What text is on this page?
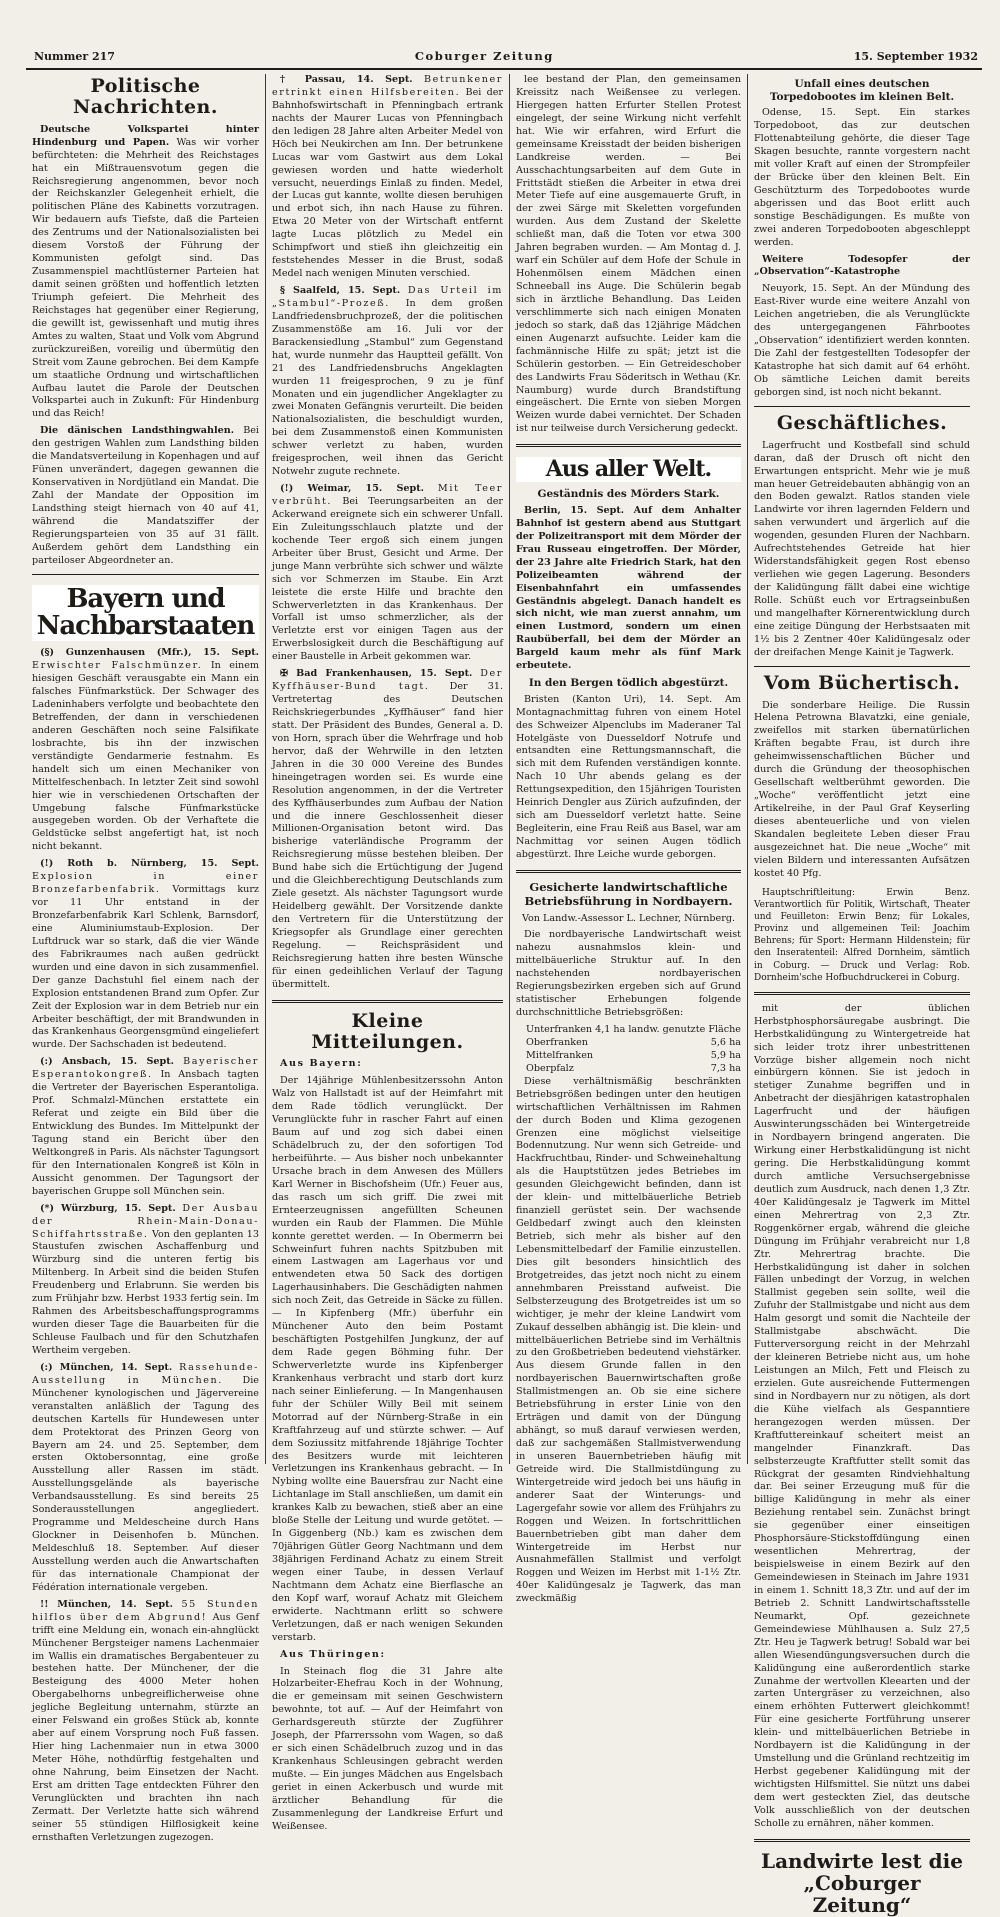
Nummer 217	Coburger Zeitung	15. September 1932
Politische Nachrichten.

Deutsche Volkspartei hinter Hindenburg und Papen. Was wir vorher befürchteten: die Mehrheit des Reichstages hat ein Mißtrauensvotum gegen die Reichsregierung angenommen, bevor noch der Reichskanzler Gelegenheit erhielt, die politischen Pläne des Kabinetts vorzutragen. Wir bedauern aufs Tiefste, daß die Parteien des Zentrums und der Nationalsozialisten bei diesem Vorstoß der Führung der Kommunisten gefolgt sind. Das Zusammenspiel machtlüsterner Parteien hat damit seinen größten und hoffentlich letzten Triumph gefeiert. Die Mehrheit des Reichstages hat gegenüber einer Regierung, die gewillt ist, gewissenhaft und mutig ihres Amtes zu walten, Staat und Volk vom Abgrund zurückzureißen, voreilig und übermütig den Streit vom Zaune gebrochen. Bei dem Kampfe um staatliche Ordnung und wirtschaftlichen Aufbau lautet die Parole der Deutschen Volkspartei auch in Zukunft: Für Hindenburg und das Reich!

Die dänischen Landsthingwahlen. Bei den gestrigen Wahlen zum Landsthing bilden die Mandatsverteilung in Kopenhagen und auf Fünen unverändert, dagegen gewannen die Konservativen in Nordjütland ein Mandat. Die Zahl der Mandate der Opposition im Landsthing steigt hiernach von 40 auf 41, während die Mandatsziffer der Regierungsparteien von 35 auf 31 fällt. Außerdem gehört dem Landsthing ein parteiloser Abgeordneter an.

Bayern und Nachbarstaaten

(§) Gunzenhausen (Mfr.), 15. Sept. Erwischter Falschmünzer. In einem hiesigen Geschäft verausgabte ein Mann ein falsches Fünfmarkstück. Der Schwager des Ladeninhabers verfolgte und beobachtete den Betreffenden, der dann in verschiedenen anderen Geschäften noch seine Falsifikate losbrachte, bis ihn der inzwischen verständigte Gendarmerie festnahm. Es handelt sich um einen Mechaniker von Mittelfeschenbach. In letzter Zeit sind sowohl hier wie in verschiedenen Ortschaften der Umgebung falsche Fünfmarkstücke ausgegeben worden. Ob der Verhaftete die Geldstücke selbst angefertigt hat, ist noch nicht bekannt.

(!) Roth b. Nürnberg, 15. Sept. Explosion in einer Bronzefarbenfabrik. Vormittags kurz vor 11 Uhr entstand in der Bronzefarbenfabrik Karl Schlenk, Barnsdorf, eine Aluminiumstaub-Explosion. Der Luftdruck war so stark, daß die vier Wände des Fabrikraumes nach außen gedrückt wurden und eine davon in sich zusammenfiel. Der ganze Dachstuhl fiel einem nach der Explosion entstandenen Brand zum Opfer. Zur Zeit der Explosion war in dem Betrieb nur ein Arbeiter beschäftigt, der mit Brandwunden in das Krankenhaus Georgensgmünd eingeliefert wurde. Der Sachschaden ist bedeutend.

(:) Ansbach, 15. Sept. Bayerischer Esperantokongreß. In Ansbach tagten die Vertreter der Bayerischen Esperantoliga. Prof. Schmalzl-München erstattete ein Referat und zeigte ein Bild über die Entwicklung des Bundes. Im Mittelpunkt der Tagung stand ein Bericht über den Weltkongreß in Paris. Als nächster Tagungsort für den Internationalen Kongreß ist Köln in Aussicht genommen. Der Tagungsort der bayerischen Gruppe soll München sein.

(*) Würzburg, 15. Sept. Der Ausbau der Rhein-Main-Donau-Schiffahrtsstraße. Von den geplanten 13 Staustufen zwischen Aschaffenburg und Würzburg sind die unteren fertig bis Miltenberg. In Arbeit sind die beiden Stufen Freudenberg und Erlabrunn. Sie werden bis zum Frühjahr bzw. Herbst 1933 fertig sein. Im Rahmen des Arbeitsbeschaffungsprogramms wurden dieser Tage die Bauarbeiten für die Schleuse Faulbach und für den Schutzhafen Wertheim vergeben.

(:) München, 14. Sept. Rassehunde-Ausstellung in München. Die Münchener kynologischen und Jägervereine veranstalten anläßlich der Tagung des deutschen Kartells für Hundewesen unter dem Protektorat des Prinzen Georg von Bayern am 24. und 25. September, dem ersten Oktobersonntag, eine große Ausstellung aller Rassen im städt. Ausstellungsgelände als bayerische Verbandsausstellung. Es sind bereits 25 Sonderausstellungen angegliedert. Programme und Meldescheine durch Hans Glockner in Deisenhofen b. München. Meldeschluß 18. September. Auf dieser Ausstellung werden auch die Anwartschaften für das internationale Championat der Fédération internationale vergeben.

!! München, 14. Sept. 55 Stunden hilflos über dem Abgrund! Aus Genf trifft eine Meldung ein, wonach ein-ahnglückt Münchener Bergsteiger namens Lachenmaier im Wallis ein dramatisches Bergabenteuer zu bestehen hatte. Der Münchener, der die Besteigung des 4000 Meter hohen Obergabelhorns unbegreiflicherweise ohne jegliche Begleitung unternahm, stürzte an einer Felswand ein großes Stück ab, konnte aber auf einem Vorsprung noch Fuß fassen. Hier hing Lachenmaier nun in etwa 3000 Meter Höhe, nothdürftig festgehalten und ohne Nahrung, beim Einsetzen der Nacht. Erst am dritten Tage entdeckten Führer den Verunglückten und brachten ihn nach Zermatt. Der Verletzte hatte sich während seiner 55 stündigen Hilflosigkeit keine ernsthaften Verletzungen zugezogen.

† Passau, 14. Sept. Betrunkener ertrinkt einen Hilfsbereiten. Bei der Bahnhofswirtschaft in Pfenningbach ertrank nachts der Maurer Lucas von Pfenningbach den ledigen 28 Jahre alten Arbeiter Medel von Höch bei Neukirchen am Inn. Der betrunkene Lucas war vom Gastwirt aus dem Lokal gewiesen worden und hatte wiederholt versucht, neuerdings Einlaß zu finden. Medel, der Lucas gut kannte, wollte diesen beruhigen und erbot sich, ihn nach Hause zu führen. Etwa 20 Meter von der Wirtschaft entfernt lagte Lucas plötzlich zu Medel ein Schimpfwort und stieß ihn gleichzeitig ein feststehendes Messer in die Brust, sodaß Medel nach wenigen Minuten verschied.

§ Saalfeld, 15. Sept. Das Urteil im „Stambul“-Prozeß. In dem großen Landfriedensbruchprozeß, der die politischen Zusammenstöße am 16. Juli vor der Barackensiedlung „Stambul“ zum Gegenstand hat, wurde nunmehr das Hauptteil gefällt. Von 21 des Landfriedensbruchs Angeklagten wurden 11 freigesprochen, 9 zu je fünf Monaten und ein jugendlicher Angeklagter zu zwei Monaten Gefängnis verurteilt. Die beiden Nationalsozialisten, die beschuldigt wurden, bei dem Zusammenstoß einen Kommunisten schwer verletzt zu haben, wurden freigesprochen, weil ihnen das Gericht Notwehr zugute rechnete.

(!) Weimar, 15. Sept. Mit Teer verbrüht. Bei Teerungsarbeiten an der Ackerwand ereignete sich ein schwerer Unfall. Ein Zuleitungsschlauch platzte und der kochende Teer ergoß sich einem jungen Arbeiter über Brust, Gesicht und Arme. Der junge Mann verbrühte sich schwer und wälzte sich vor Schmerzen im Staube. Ein Arzt leistete die erste Hilfe und brachte den Schwerverletzten in das Krankenhaus. Der Vorfall ist umso schmerzlicher, als der Verletzte erst vor einigen Tagen aus der Erwerbslosigkeit durch die Beschäftigung auf einer Baustelle in Arbeit gekommen war.

✠ Bad Frankenhausen, 15. Sept. Der Kyffhäuser-Bund tagt. Der 31. Vertretertag des Deutschen Reichskriegerbundes „Kyffhäuser“ fand hier statt. Der Präsident des Bundes, General a. D. von Horn, sprach über die Wehrfrage und hob hervor, daß der Wehrwille in den letzten Jahren in die 30 000 Vereine des Bundes hineingetragen worden sei. Es wurde eine Resolution angenommen, in der die Vertreter des Kyffhäuserbundes zum Aufbau der Nation und die innere Geschlossenheit dieser Millionen-Organisation betont wird. Das bisherige vaterländische Programm der Reichsregierung müsse bestehen bleiben. Der Bund habe sich die Ertüchtigung der Jugend und die Gleichberechtigung Deutschlands zum Ziele gesetzt. Als nächster Tagungsort wurde Heidelberg gewählt. Der Vorsitzende dankte den Vertretern für die Unterstützung der Kriegsopfer als Grundlage einer gerechten Regelung. — Reichspräsident und Reichsregierung hatten ihre besten Wünsche für einen gedeihlichen Verlauf der Tagung übermittelt.

Kleine Mitteilungen.

Aus Bayern:

Der 14jährige Mühlenbesitzerssohn Anton Walz von Hallstadt ist auf der Heimfahrt mit dem Rade tödlich verunglückt. Der Verunglückte fuhr in rascher Fahrt auf einen Baum auf und zog sich dabei einen Schädelbruch zu, der den sofortigen Tod herbeiführte. — Aus bisher noch unbekannter Ursache brach in dem Anwesen des Müllers Karl Werner in Bischofsheim (Ufr.) Feuer aus, das rasch um sich griff. Die zwei mit Ernteerzeugnissen angefüllten Scheunen wurden ein Raub der Flammen. Die Mühle konnte gerettet werden. — In Obermerrn bei Schweinfurt fuhren nachts Spitzbuben mit einem Lastwagen am Lagerhaus vor und entwendeten etwa 50 Sack des dortigen Lagerhausinhabers. Die Geschädigten nahmen sich noch Zeit, das Getreide in Säcke zu füllen. — In Kipfenberg (Mfr.) überfuhr ein Münchener Auto den beim Postamt beschäftigten Postgehilfen Jungkunz, der auf dem Rade gegen Böhming fuhr. Der Schwerverletzte wurde ins Kipfenberger Krankenhaus verbracht und starb dort kurz nach seiner Einlieferung. — In Mangenhausen fuhr der Schüler Willy Beil mit seinem Motorrad auf der Nürnberg-Straße in ein Kraftfahrzeug auf und stürzte schwer. — Auf dem Soziussitz mitfahrende 18jährige Tochter des Besitzers wurde mit leichteren Verletzungen ins Krankenhaus gebracht. — In Nybing wollte eine Bauersfrau zur Nacht eine Lichtanlage im Stall anschließen, um damit ein krankes Kalb zu bewachen, stieß aber an eine bloße Stelle der Leitung und wurde getötet. — In Giggenberg (Nb.) kam es zwischen dem 70jährigen Gütler Georg Nachtmann und dem 38jährigen Ferdinand Achatz zu einem Streit wegen einer Taube, in dessen Verlauf Nachtmann dem Achatz eine Bierflasche an den Kopf warf, worauf Achatz mit Gleichem erwiderte. Nachtmann erlitt so schwere Verletzungen, daß er nach wenigen Sekunden verstarb.

Aus Thüringen:

In Steinach flog die 31 Jahre alte Holzarbeiter-Ehefrau Koch in der Wohnung, die er gemeinsam mit seinen Geschwistern bewohnte, tot auf. — Auf der Heimfahrt von Gerhardsgereuth stürzte der Zugführer Joseph, der Pfarrerssohn vom Wagen, so daß er sich einen Schädelbruch zuzog und in das Krankenhaus Schleusingen gebracht werden mußte. — Ein junges Mädchen aus Engelsbach geriet in einen Ackerbusch und wurde mit ärztlicher Behandlung für die Zusammenlegung der Landkreise Erfurt und Weißensee.

lee bestand der Plan, den gemeinsamen Kreissitz nach Weißensee zu verlegen. Hiergegen hatten Erfurter Stellen Protest eingelegt, der seine Wirkung nicht verfehlt hat. Wie wir erfahren, wird Erfurt die gemeinsame Kreisstadt der beiden bisherigen Landkreise werden. — Bei Ausschachtungsarbeiten auf dem Gute in Frittstädt stießen die Arbeiter in etwa drei Meter Tiefe auf eine ausgemauerte Gruft, in der zwei Särge mit Skeletten vorgefunden wurden. Aus dem Zustand der Skelette schließt man, daß die Toten vor etwa 300 Jahren begraben wurden. — Am Montag d. J. warf ein Schüler auf dem Hofe der Schule in Hohenmölsen einem Mädchen einen Schneeball ins Auge. Die Schülerin begab sich in ärztliche Behandlung. Das Leiden verschlimmerte sich nach einigen Monaten jedoch so stark, daß das 12jährige Mädchen einen Augenarzt aufsuchte. Leider kam die fachmännische Hilfe zu spät; jetzt ist die Schülerin gestorben. — Ein Getreideschober des Landwirts Frau Söderitsch in Wethau (Kr. Naumburg) wurde durch Brandstiftung eingeäschert. Die Ernte von sieben Morgen Weizen wurde dabei vernichtet. Der Schaden ist nur teilweise durch Versicherung gedeckt.

Aus aller Welt.
Geständnis des Mörders Stark.

Berlin, 15. Sept. Auf dem Anhalter Bahnhof ist gestern abend aus Stuttgart der Polizeitransport mit dem Mörder der Frau Russeau eingetroffen. Der Mörder, der 23 Jahre alte Friedrich Stark, hat den Polizeibeamten während der Eisenbahnfahrt ein umfassendes Geständnis abgelegt. Danach handelt es sich nicht, wie man zuerst annahm, um einen Lustmord, sondern um einen Raubüberfall, bei dem der Mörder an Bargeld kaum mehr als fünf Mark erbeutete.

In den Bergen tödlich abgestürzt.

Bristen (Kanton Uri), 14. Sept. Am Montagnachmittag fuhren von einem Hotel des Schweizer Alpenclubs im Maderaner Tal Hotelgäste von Duesseldorf Notrufe und entsandten eine Rettungsmannschaft, die sich mit dem Rufenden verständigen konnte. Nach 10 Uhr abends gelang es der Rettungsexpedition, den 15jährigen Touristen Heinrich Dengler aus Zürich aufzufinden, der sich am Duesseldorf verletzt hatte. Seine Begleiterin, eine Frau Reiß aus Basel, war am Nachmittag vor seinen Augen tödlich abgestürzt. Ihre Leiche wurde geborgen.

Gesicherte landwirtschaftliche Betriebsführung in Nordbayern.

Von Landw.-Assessor L. Lechner, Nürnberg.

Die nordbayerische Landwirtschaft weist nahezu ausnahmslos klein- und mittelbäuerliche Struktur auf. In den nachstehenden nordbayerischen Regierungsbezirken ergeben sich auf Grund statistischer Erhebungen folgende durchschnittliche Betriebsgrößen:

Unterfranken 4,1 ha landw. genutzte Fläche
Oberfranken	5,6 ha
Mittelfranken	5,9 ha
Oberpfalz	7,3 ha

Diese verhältnismäßig beschränkten Betriebsgrößen bedingen unter den heutigen wirtschaftlichen Verhältnissen im Rahmen der durch Boden und Klima gezogenen Grenzen eine möglichst vielseitige Bodennutzung. Nur wenn sich Getreide- und Hackfruchtbau, Rinder- und Schweinehaltung als die Hauptstützen jedes Betriebes im gesunden Gleichgewicht befinden, dann ist der klein- und mittelbäuerliche Betrieb finanziell gerüstet sein. Der wachsende Geldbedarf zwingt auch den kleinsten Betrieb, sich mehr als bisher auf den Lebensmittelbedarf der Familie einzustellen. Dies gilt besonders hinsichtlich des Brotgetreides, das jetzt noch nicht zu einem annehmbaren Preisstand aufweist. Die Selbsterzeugung des Brotgetreides ist um so wichtiger, je mehr der kleine Landwirt vom Zukauf desselben abhängig ist. Die klein- und mittelbäuerlichen Betriebe sind im Verhältnis zu den Großbetrieben bedeutend viehstärker. Aus diesem Grunde fallen in den nordbayerischen Bauernwirtschaften große Stallmistmengen an. Ob sie eine sichere Betriebsführung in erster Linie von den Erträgen und damit von der Düngung abhängt, so muß darauf verwiesen werden, daß zur sachgemäßen Stallmistverwendung in unseren Bauernbetrieben häufig mit Getreide wird. Die Stallmistdüngung zu Wintergetreide wird jedoch bei uns häufig in anderer Saat der Winterungs- und Lagergefahr sowie vor allem des Frühjahrs zu Roggen und Weizen. In fortschrittlichen Bauernbetrieben gibt man daher dem Wintergetreide im Herbst nur Ausnahmefällen Stallmist und verfolgt Roggen und Weizen im Herbst mit 1-1½ Ztr. 40er Kalidüngesalz je Tagwerk, das man zweckmäßig

Unfall eines deutschen Torpedobootes im kleinen Belt.

Odense, 15. Sept. Ein starkes Torpedoboot, das zur deutschen Flottenabteilung gehörte, die dieser Tage Skagen besuchte, rannte vorgestern nacht mit voller Kraft auf einen der Strompfeiler der Brücke über den kleinen Belt. Ein Geschützturm des Torpedobootes wurde abgerissen und das Boot erlitt auch sonstige Beschädigungen. Es mußte von zwei anderen Torpedobooten abgeschleppt werden.

Weitere Todesopfer der „Observation“-Katastrophe

Neuyork, 15. Sept. An der Mündung des East-River wurde eine weitere Anzahl von Leichen angetrieben, die als Verunglückte des untergegangenen Fährbootes „Observation“ identifiziert werden konnten. Die Zahl der festgestellten Todesopfer der Katastrophe hat sich damit auf 64 erhöht. Ob sämtliche Leichen damit bereits geborgen sind, ist noch nicht bekannt.

Geschäftliches.

Lagerfrucht und Kostbefall sind schuld daran, daß der Drusch oft nicht den Erwartungen entspricht. Mehr wie je muß man heuer Getreidebauten abhängig von an den Boden gewalzt. Ratlos standen viele Landwirte vor ihren lagernden Feldern und sahen verwundert und ärgerlich auf die wogenden, gesunden Fluren der Nachbarn. Aufrechtstehendes Getreide hat hier Widerstandsfähigkeit gegen Rost ebenso verliehen wie gegen Lagerung. Besonders der Kalidüngung fällt dabei eine wichtige Rolle. Schüßt euch vor Ertragseinbußen und mangelhafter Körnerentwicklung durch eine zeitige Düngung der Herbstsaaten mit 1½ bis 2 Zentner 40er Kalidüngesalz oder der dreifachen Menge Kainit je Tagwerk.

Vom Büchertisch.

Die sonderbare Heilige. Die Russin Helena Petrowna Blavatzki, eine geniale, zweifellos mit starken übernatürlichen Kräften begabte Frau, ist durch ihre geheimwissenschaftlichen Bücher und durch die Gründung der theosophischen Gesellschaft weltberühmt geworden. Die „Woche“ veröffentlicht jetzt eine Artikelreihe, in der Paul Graf Keyserling dieses abenteuerliche und von vielen Skandalen begleitete Leben dieser Frau ausgezeichnet hat. Die neue „Woche“ mit vielen Bildern und interessanten Aufsätzen kostet 40 Pfg.

Hauptschriftleitung: Erwin Benz. Verantwortlich für Politik, Wirtschaft, Theater und Feuilleton: Erwin Benz; für Lokales, Provinz und allgemeinen Teil: Joachim Behrens; für Sport: Hermann Hildenstein; für den Inseratenteil: Alfred Dornheim, sämtlich in Coburg. — Druck und Verlag: Rob. Dornheim'sche Hofbuchdruckerei in Coburg.

mit der üblichen Herbstphosphorsäuregabe ausbringt. Die Herbstkalidüngung zu Wintergetreide hat sich leider trotz ihrer unbestrittenen Vorzüge bisher allgemein noch nicht einbürgern können. Sie ist jedoch in stetiger Zunahme begriffen und in Anbetracht der diesjährigen katastrophalen Lagerfrucht und der häufigen Auswinterungsschäden bei Wintergetreide in Nordbayern bringend angeraten. Die Wirkung einer Herbstkalidüngung ist nicht gering. Die Herbstkalidüngung kommt durch amtliche Versuchsergebnisse deutlich zum Ausdruck, nach denen 1,3 Ztr. 40er Kalidüngesalz je Tagwerk im Mittel einen Mehrertrag von 2,3 Ztr. Roggenkörner ergab, während die gleiche Düngung im Frühjahr verabreicht nur 1,8 Ztr. Mehrertrag brachte. Die Herbstkalidüngung ist daher in solchen Fällen unbedingt der Vorzug, in welchen Stallmist gegeben sein sollte, weil die Zufuhr der Stallmistgabe und nicht aus dem Halm gesorgt und somit die Nachteile der Stallmistgabe abschwächt. Die Futterversorgung reicht in der Mehrzahl der kleineren Betriebe nicht aus, um hohe Leistungen an Milch, Fett und Fleisch zu erzielen. Gute ausreichende Futtermengen sind in Nordbayern nur zu nötigen, als dort die Kühe vielfach als Gespanntiere herangezogen werden müssen. Der Kraftfuttereinkauf scheitert meist an mangelnder Finanzkraft. Das selbsterzeugte Kraftfutter stellt somit das Rückgrat der gesamten Rindviehhaltung dar. Bei seiner Erzeugung muß für die billige Kalidüngung in mehr als einer Beziehung rentabel sein. Zunächst bringt sie gegenüber einer einseitigen Phosphorsäure-Stickstoffdüngung einen wesentlichen Mehrertrag, der beispielsweise in einem Bezirk auf den Gemeindewiesen in Steinach im Jahre 1931 in einem 1. Schnitt 18,3 Ztr. und auf der im Betrieb 2. Schnitt Landwirtschaftsstelle Neumarkt, Opf. gezeichnete Gemeindewiese Mühlhausen a. Sulz 27,5 Ztr. Heu je Tagwerk betrug! Sobald war bei allen Wiesendüngungsversuchen durch die Kalidüngung eine außerordentlich starke Zunahme der wertvollen Kleearten und der zarten Untergräser zu verzeichnen, also einem erhöhten Futterwert gleichkommt! Für eine gesicherte Fortführung unserer klein- und mittelbäuerlichen Betriebe in Nordbayern ist die Kalidüngung in der Umstellung und die Grünland rechtzeitig im Herbst gegebener Kalidüngung mit der wichtigsten Hilfsmittel. Sie nützt uns dabei dem wert gesteckten Ziel, das deutsche Volk ausschließlich von der deutschen Scholle zu ernähren, näher kommen.

Landwirte lest die „Coburger Zeitung“
